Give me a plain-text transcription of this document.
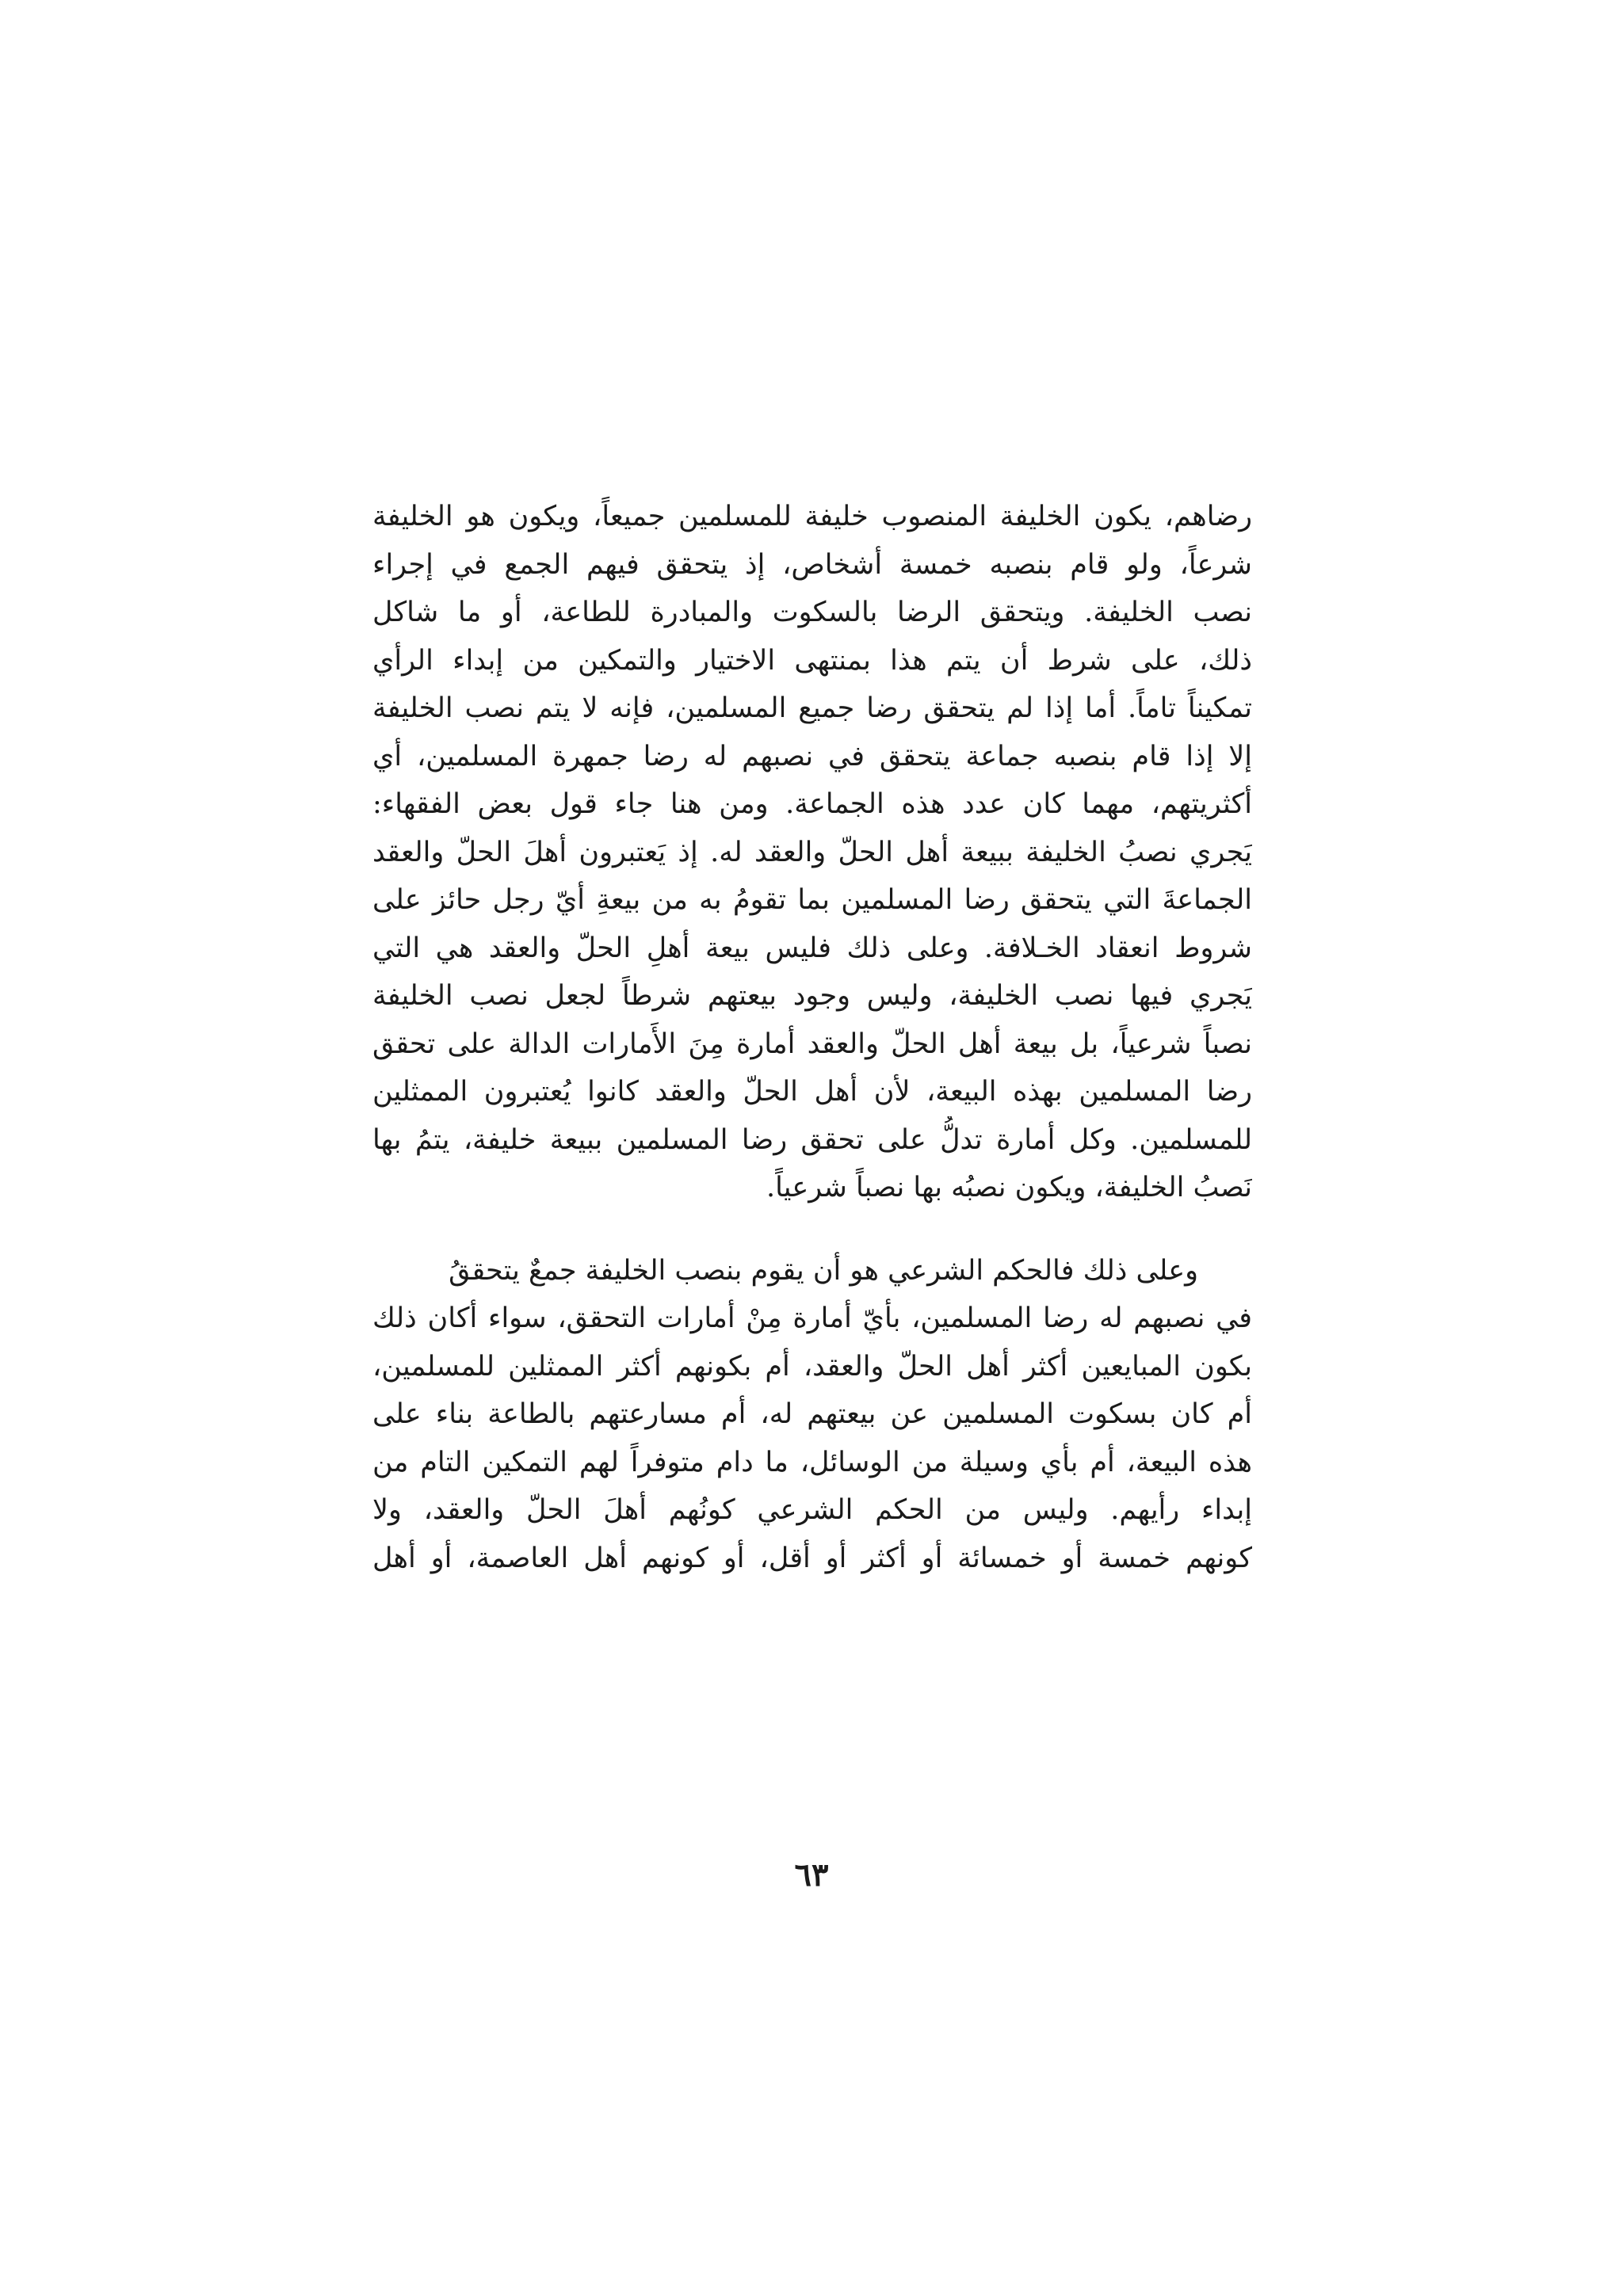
رضاهم، يكون الخليفة المنصوب خليفة للمسلمين جميعاً، ويكون هو الخليفة
شرعاً، ولو قام بنصبه خمسة أشخاص، إذ يتحقق فيهم الجمع في إجراء
نصب الخليفة. ويتحقق الرضا بالسكوت والمبادرة للطاعة، أو ما شاكل
ذلك، على شرط أن يتم هذا بمنتهى الاختيار والتمكين من إبداء الرأي
تمكيناً تاماً. أما إذا لم يتحقق رضا جميع المسلمين، فإنه لا يتم نصب الخليفة
إلا إذا قام بنصبه جماعة يتحقق في نصبهم له رضا جمهرة المسلمين، أي
أكثريتهم، مهما كان عدد هذه الجماعة. ومن هنا جاء قول بعض الفقهاء:
يَجري نصبُ الخليفة ببيعة أهل الحلّ والعقد له. إذ يَعتبرون أهلَ الحلّ والعقد
الجماعةَ التي يتحقق رضا المسلمين بما تقومُ به من بيعةِ أيّ رجل حائز على
شروط انعقاد الخـلافة. وعلى ذلك فليس بيعة أهلِ الحلّ والعقد هي التي
يَجري فيها نصب الخليفة، وليس وجود بيعتهم شرطاً لجعل نصب الخليفة
نصباً شرعياً، بل بيعة أهل الحلّ والعقد أمارة مِنَ الأَمارات الدالة على تحقق
رضا المسلمين بهذه البيعة، لأن أهل الحلّ والعقد كانوا يُعتبرون الممثلين
للمسلمين. وكل أمارة تدلُّ على تحقق رضا المسلمين ببيعة خليفة، يتمُ بها
نَصبُ الخليفة، ويكون نصبُه بها نصباً شرعياً.

وعلى ذلك فالحكم الشرعي هو أن يقوم بنصب الخليفة جمعٌ يتحققُ
في نصبهم له رضا المسلمين، بأيّ أمارة مِنْ أمارات التحقق، سواء أكان ذلك
بكون المبايعين أكثر أهل الحلّ والعقد، أم بكونهم أكثر الممثلين للمسلمين،
أم كان بسكوت المسلمين عن بيعتهم له، أم مسارعتهم بالطاعة بناء على
هذه البيعة، أم بأي وسيلة من الوسائل، ما دام متوفراً لهم التمكين التام من
إبداء رأيهم. وليس من الحكم الشرعي كونُهم أهلَ الحلّ والعقد، ولا
كونهم خمسة أو خمسائة أو أكثر أو أقل، أو كونهم أهل العاصمة، أو أهل

٦٣
